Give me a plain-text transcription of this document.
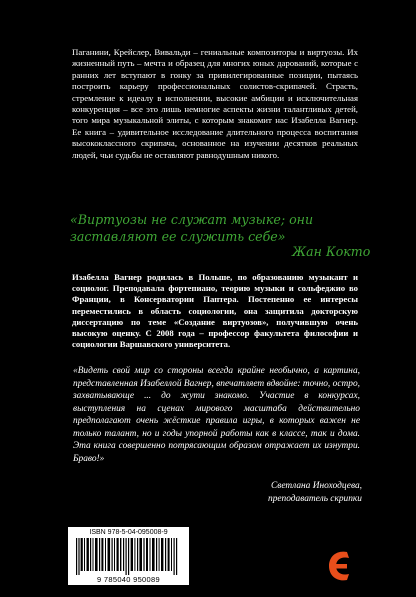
Паганини, Крейслер, Вивальди – гениальные композиторы и виртуозы. Их жизненный путь – мечта и образец для многих юных дарований, которые с ранних лет вступают в гонку за привилегированные позиции, пытаясь построить карьеру профессиональных солистов-скрипачей. Страсть, стремление к идеалу в исполнении, высокие амбиции и исключительная конкуренция – все это лишь немногие аспекты жизни талантливых детей, того мира музыкальной элиты, с которым знакомит нас Изабелла Вагнер. Ее книга – удивительное исследование длительного процесса воспитания высококлассного скрипача, основанное на изучении десятков реальных людей, чьи судьбы не оставляют равнодушным никого.

«Виртуозы не служат музыке; они заставляют ее служить себе»

Жан Кокто

Изабелла Вагнер родилась в Польше, по образованию музыкант и социолог. Преподавала фортепиано, теорию музыки и сольфеджио во Франции, в Консерватории Паптера. Постепенно ее интересы переместились в область социологии, она защитила докторскую диссертацию по теме «Создание виртуозов», получившую очень высокую оценку. С 2008 года – профессор факультета философии и социологии Варшавского университета.

«Видеть свой мир со стороны всегда крайне необычно, а картина, представленная Изабеллой Вагнер, впечатляет вдвойне: точно, остро, захватывающе ... до жути знакомо. Участие в конкурсах, выступления на сценах мирового масштаба действительно предполагают очень жёсткие правила игры, в которых важен не только талант, но и годы упорной работы как в классе, так и дома. Эта книга совершенно потрясающим образом отражает их изнутри. Браво!»

Светлана Иноходцева,

преподаватель скрипки

ISBN 978-5-04-095008-9
9 785040 950089
